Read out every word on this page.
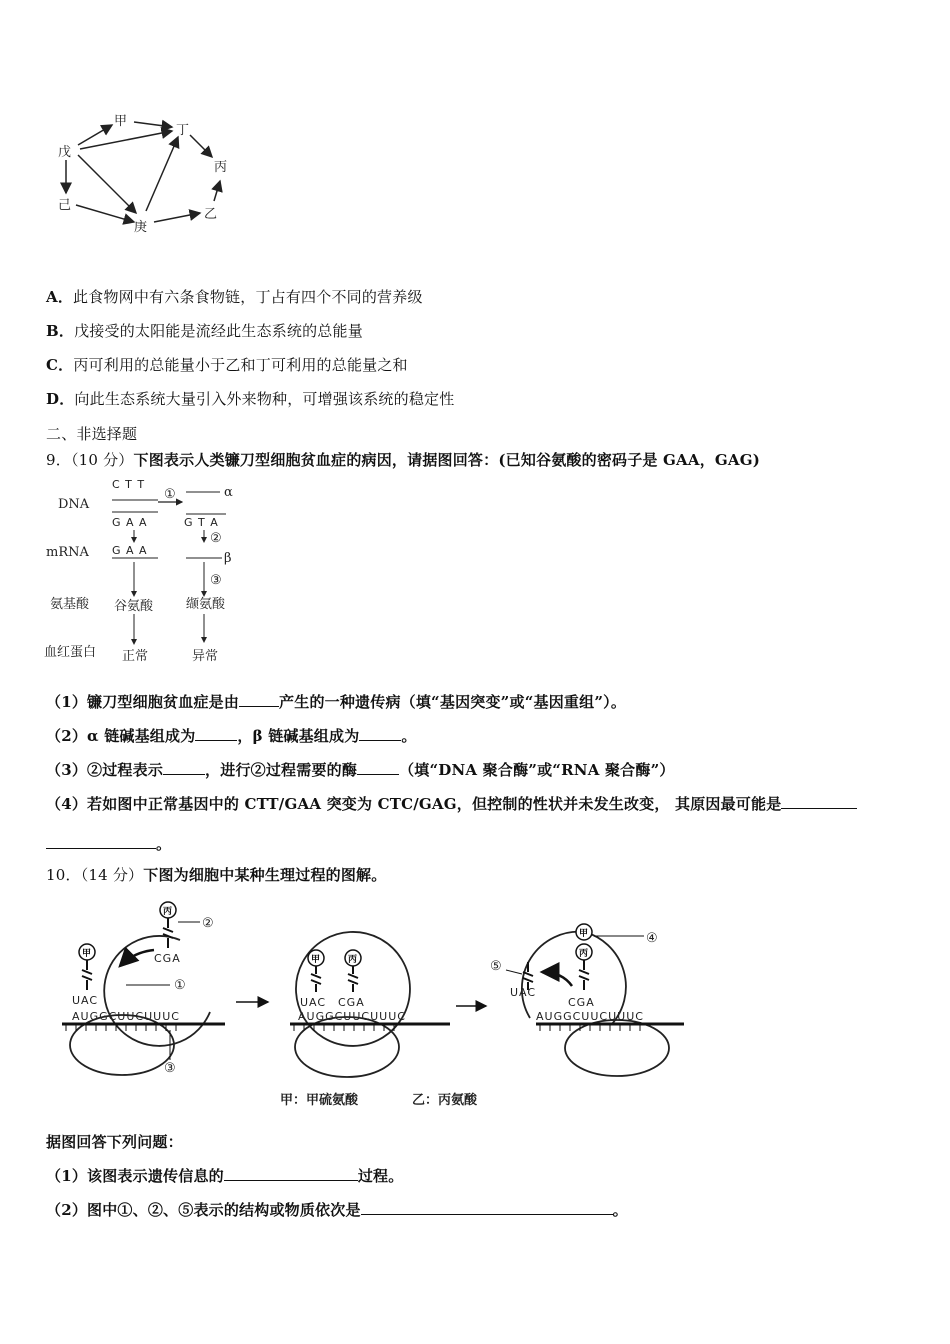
戊
甲
丁
丙
己
庚
乙
A．此食物网中有六条食物链，丁占有四个不同的营养级
B．戊接受的太阳能是流经此生态系统的总能量
C．丙可利用的总能量小于乙和丁可利用的总能量之和
D．向此生态系统大量引入外来物种，可增强该系统的稳定性
二、非选择题
9．（10 分）下图表示人类镰刀型细胞贫血症的病因，请据图回答：(已知谷氨酸的密码子是 GAA，GAG)
DNA
mRNA
氨基酸
血红蛋白
C T T
G A A
①	α
G T A
G A A
②
β
③
谷氨酸	缬氨酸
正常	异常
（1）镰刀型细胞贫血症是由	产生的一种遗传病（填“基因突变”或“基因重组”）。
（2）α 链碱基组成为	，β 链碱基组成为	。
（3）②过程表示	，进行②过程需要的酶	（填“DNA 聚合酶”或“RNA 聚合酶”）
（4）若如图中正常基因中的 CTT/GAA 突变为 CTC/GAG，但控制的性状并未发生改变， 其原因最可能是
。
10．（14 分）下图为细胞中某种生理过程的图解。
AUGGCUUCUUUC
甲
UAC
丙
CGA
②
①
③
AUGGCUUCUUUC
甲
UAC
丙
CGA
AUGGCUUCUUUC
甲
丙
CGA
④
UAC
⑤
甲：甲硫氨酸	乙：丙氨酸
据图回答下列问题：
（1）该图表示遗传信息的	过程。
（2）图中①、②、⑤表示的结构或物质依次是	。
